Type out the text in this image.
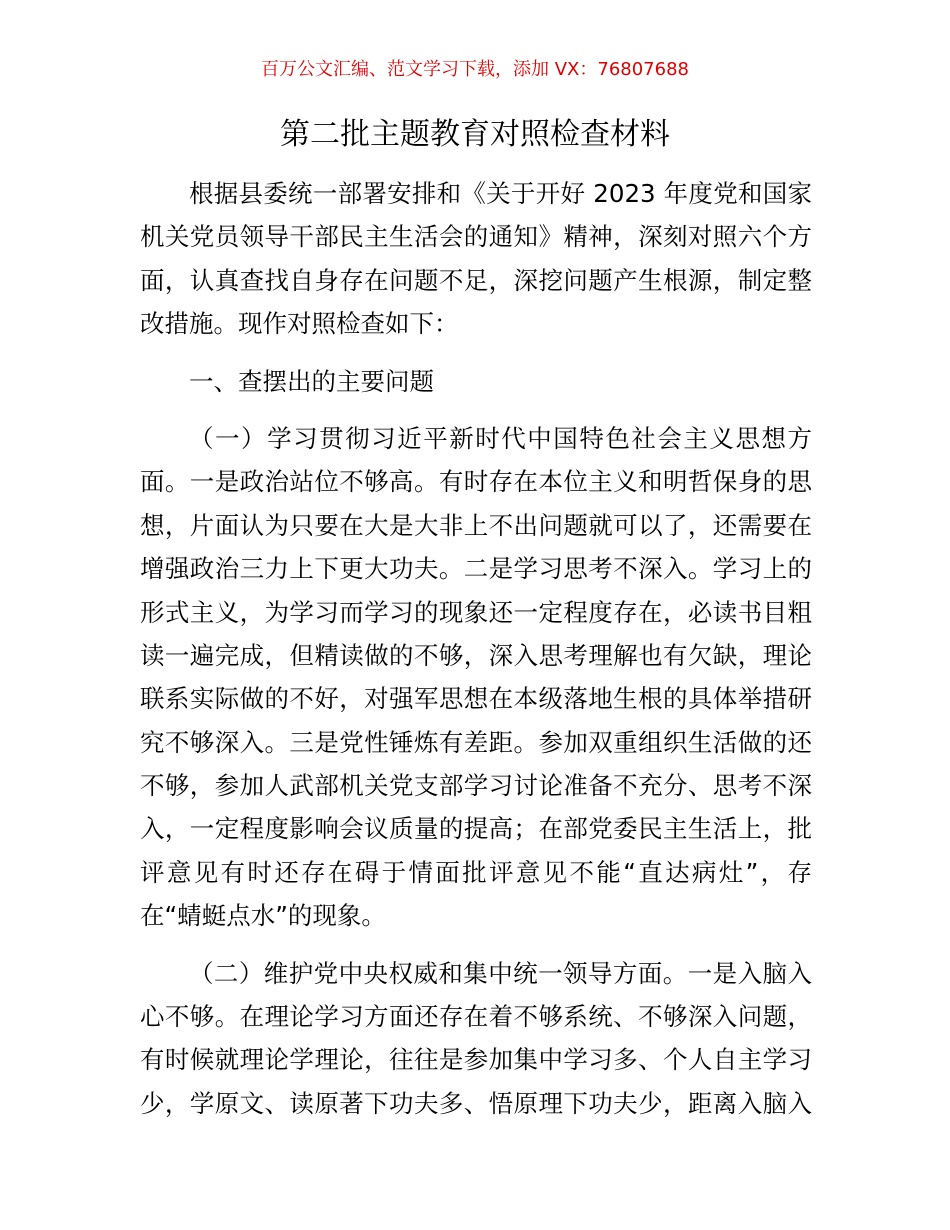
百万公文汇编、范文学习下载，添加 VX：76807688
第二批主题教育对照检查材料
根据县委统一部署安排和《关于开好 2023 年度党和国家
机关党员领导干部民主生活会的通知》精神，深刻对照六个方
面，认真查找自身存在问题不足，深挖问题产生根源，制定整
改措施。现作对照检查如下：
一、查摆出的主要问题
（一）学习贯彻习近平新时代中国特色社会主义思想方
面。一是政治站位不够高。有时存在本位主义和明哲保身的思
想，片面认为只要在大是大非上不出问题就可以了，还需要在
增强政治三力上下更大功夫。二是学习思考不深入。学习上的
形式主义，为学习而学习的现象还一定程度存在，必读书目粗
读一遍完成，但精读做的不够，深入思考理解也有欠缺，理论
联系实际做的不好，对强军思想在本级落地生根的具体举措研
究不够深入。三是党性锤炼有差距。参加双重组织生活做的还
不够，参加人武部机关党支部学习讨论准备不充分、思考不深
入，一定程度影响会议质量的提高；在部党委民主生活上，批
评意见有时还存在碍于情面批评意见不能“直达病灶”，存
在“蜻蜓点水”的现象。
（二）维护党中央权威和集中统一领导方面。一是入脑入
心不够。在理论学习方面还存在着不够系统、不够深入问题，
有时候就理论学理论，往往是参加集中学习多、个人自主学习
少，学原文、读原著下功夫多、悟原理下功夫少，距离入脑入
